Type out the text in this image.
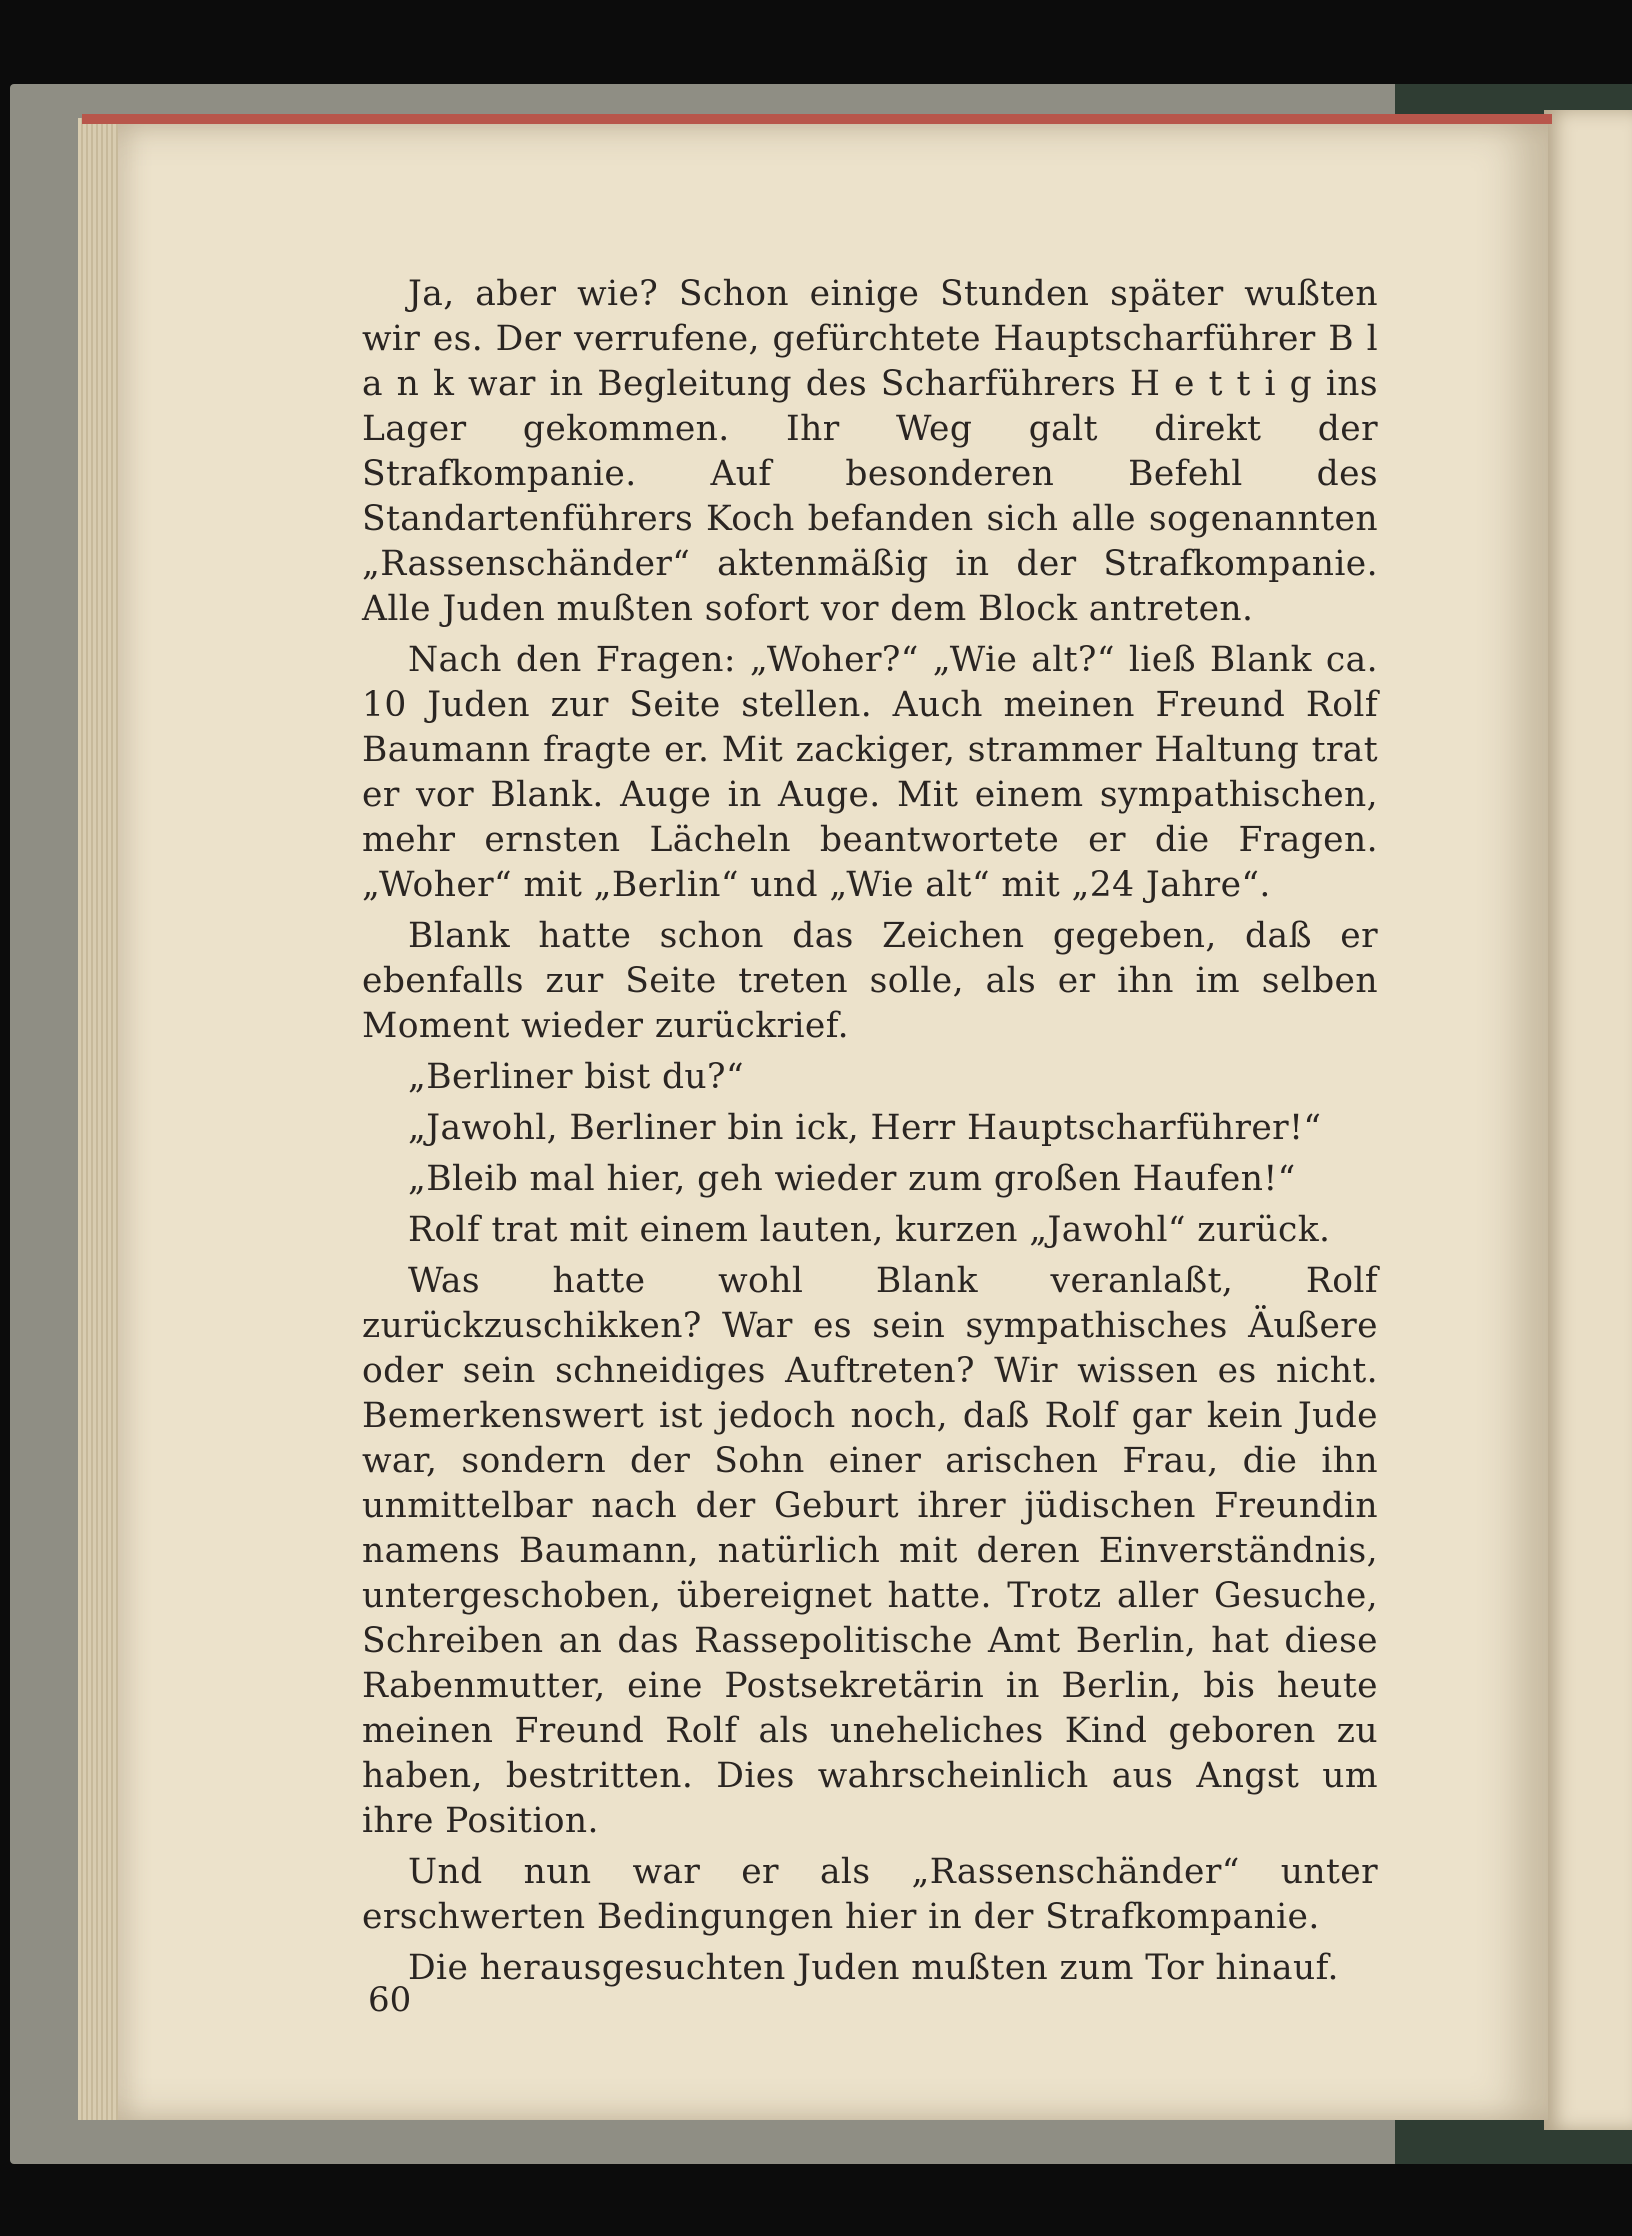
Ja, aber wie? Schon einige Stunden später wußten wir es. Der verrufene, gefürchtete Hauptscharführer B l a n k war in Begleitung des Scharführers H e t t i g ins Lager gekommen. Ihr Weg galt direkt der Strafkompanie. Auf besonderen Befehl des Standartenführers Koch befanden sich alle sogenannten „Rassenschänder“ aktenmäßig in der Strafkompanie. Alle Juden mußten sofort vor dem Block antreten.

Nach den Fragen: „Woher?“ „Wie alt?“ ließ Blank ca. 10 Juden zur Seite stellen. Auch meinen Freund Rolf Baumann fragte er. Mit zackiger, strammer Haltung trat er vor Blank. Auge in Auge. Mit einem sympathischen, mehr ernsten Lächeln beantwortete er die Fragen. „Woher“ mit „Berlin“ und „Wie alt“ mit „24 Jahre“.

Blank hatte schon das Zeichen gegeben, daß er ebenfalls zur Seite treten solle, als er ihn im selben Moment wieder zurückrief.

„Berliner bist du?“

„Jawohl, Berliner bin ick, Herr Hauptscharführer!“

„Bleib mal hier, geh wieder zum großen Haufen!“

Rolf trat mit einem lauten, kurzen „Jawohl“ zurück.

Was hatte wohl Blank veranlaßt, Rolf zurückzuschikken? War es sein sympathisches Äußere oder sein schneidiges Auftreten? Wir wissen es nicht. Bemerkenswert ist jedoch noch, daß Rolf gar kein Jude war, sondern der Sohn einer arischen Frau, die ihn unmittelbar nach der Geburt ihrer jüdischen Freundin namens Baumann, natürlich mit deren Einverständnis, untergeschoben, übereignet hatte. Trotz aller Gesuche, Schreiben an das Rassepolitische Amt Berlin, hat diese Rabenmutter, eine Postsekretärin in Berlin, bis heute meinen Freund Rolf als uneheliches Kind geboren zu haben, bestritten. Dies wahrscheinlich aus Angst um ihre Position.

Und nun war er als „Rassenschänder“ unter erschwerten Bedingungen hier in der Strafkompanie.

Die herausgesuchten Juden mußten zum Tor hinauf.

60
